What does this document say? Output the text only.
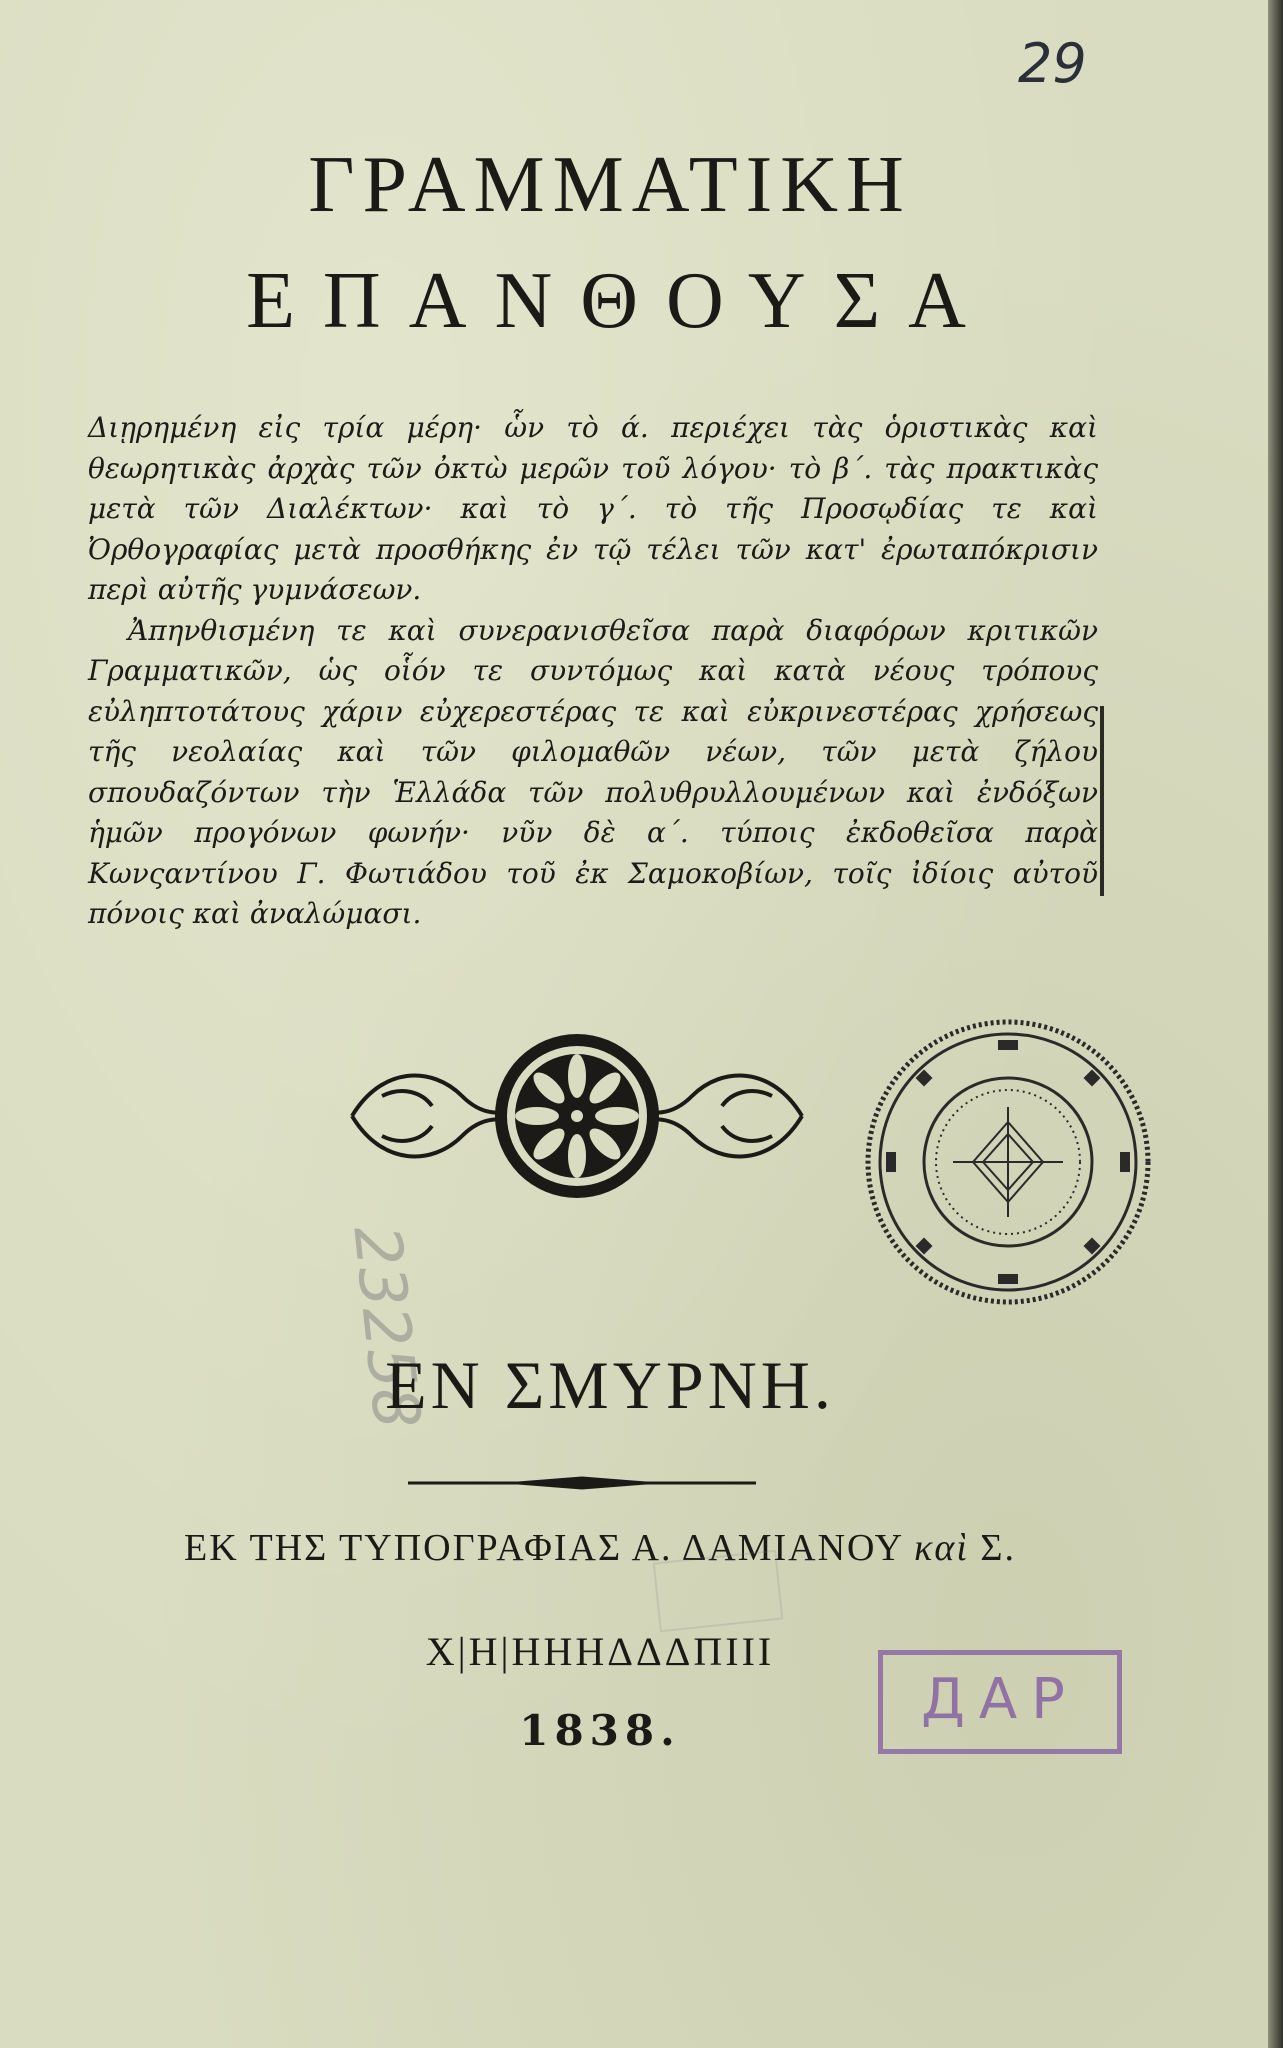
29
ΓΡΑΜΜΑΤΙΚΗ
ΕΠΑΝΘΟΥΣΑ

Διῃρημένη εἰς τρία μέρη· ὧν τὸ ά. περιέχει τὰς ὁριστικὰς καὶ θεωρητικὰς ἀρχὰς τῶν ὀκτὼ μερῶν τοῦ λόγου· τὸ β΄. τὰς πρακτικὰς μετὰ τῶν Διαλέκτων· καὶ τὸ γ΄. τὸ τῆς Προσῳδίας τε καὶ Ὀρθογραφίας μετὰ προσθήκης ἐν τῷ τέλει τῶν κατ' ἐρωταπόκρισιν περὶ αὐτῆς γυμνάσεων.

Ἀπηνθισμένη τε καὶ συνερανισθεῖσα παρὰ διαφόρων κριτικῶν Γραμματικῶν, ὡς οἷόν τε συντόμως καὶ κατὰ νέους τρόπους εὐληπτοτάτους χάριν εὐχερεστέρας τε καὶ εὐκρινεστέρας χρήσεως τῆς νεολαίας καὶ τῶν φιλομαθῶν νέων, τῶν μετὰ ζήλου σπουδαζόντων τὴν Ἑλλάδα τῶν πολυθρυλλουμένων καὶ ἐνδόξων ἡμῶν προγόνων φωνήν· νῦν δὲ α΄. τύποις ἐκδοθεῖσα παρὰ Κωνςαντίνου Γ. Φωτιάδου τοῦ ἐκ Σαμοκοβίων, τοῖς ἰδίοις αὐτοῦ πόνοις καὶ ἀναλώμασι.

23258
ΕΝ ΣΜΥΡΝΗ.
ΕΚ ΤΗΣ ΤΥΠΟΓΡΑΦΙΑΣ Α. ΔΑΜΙΑΝΟΥ καὶ Σ.
Χ|Η|ΗΗΗΔΔΔΠΙΙΙ
1838.	ДАР
